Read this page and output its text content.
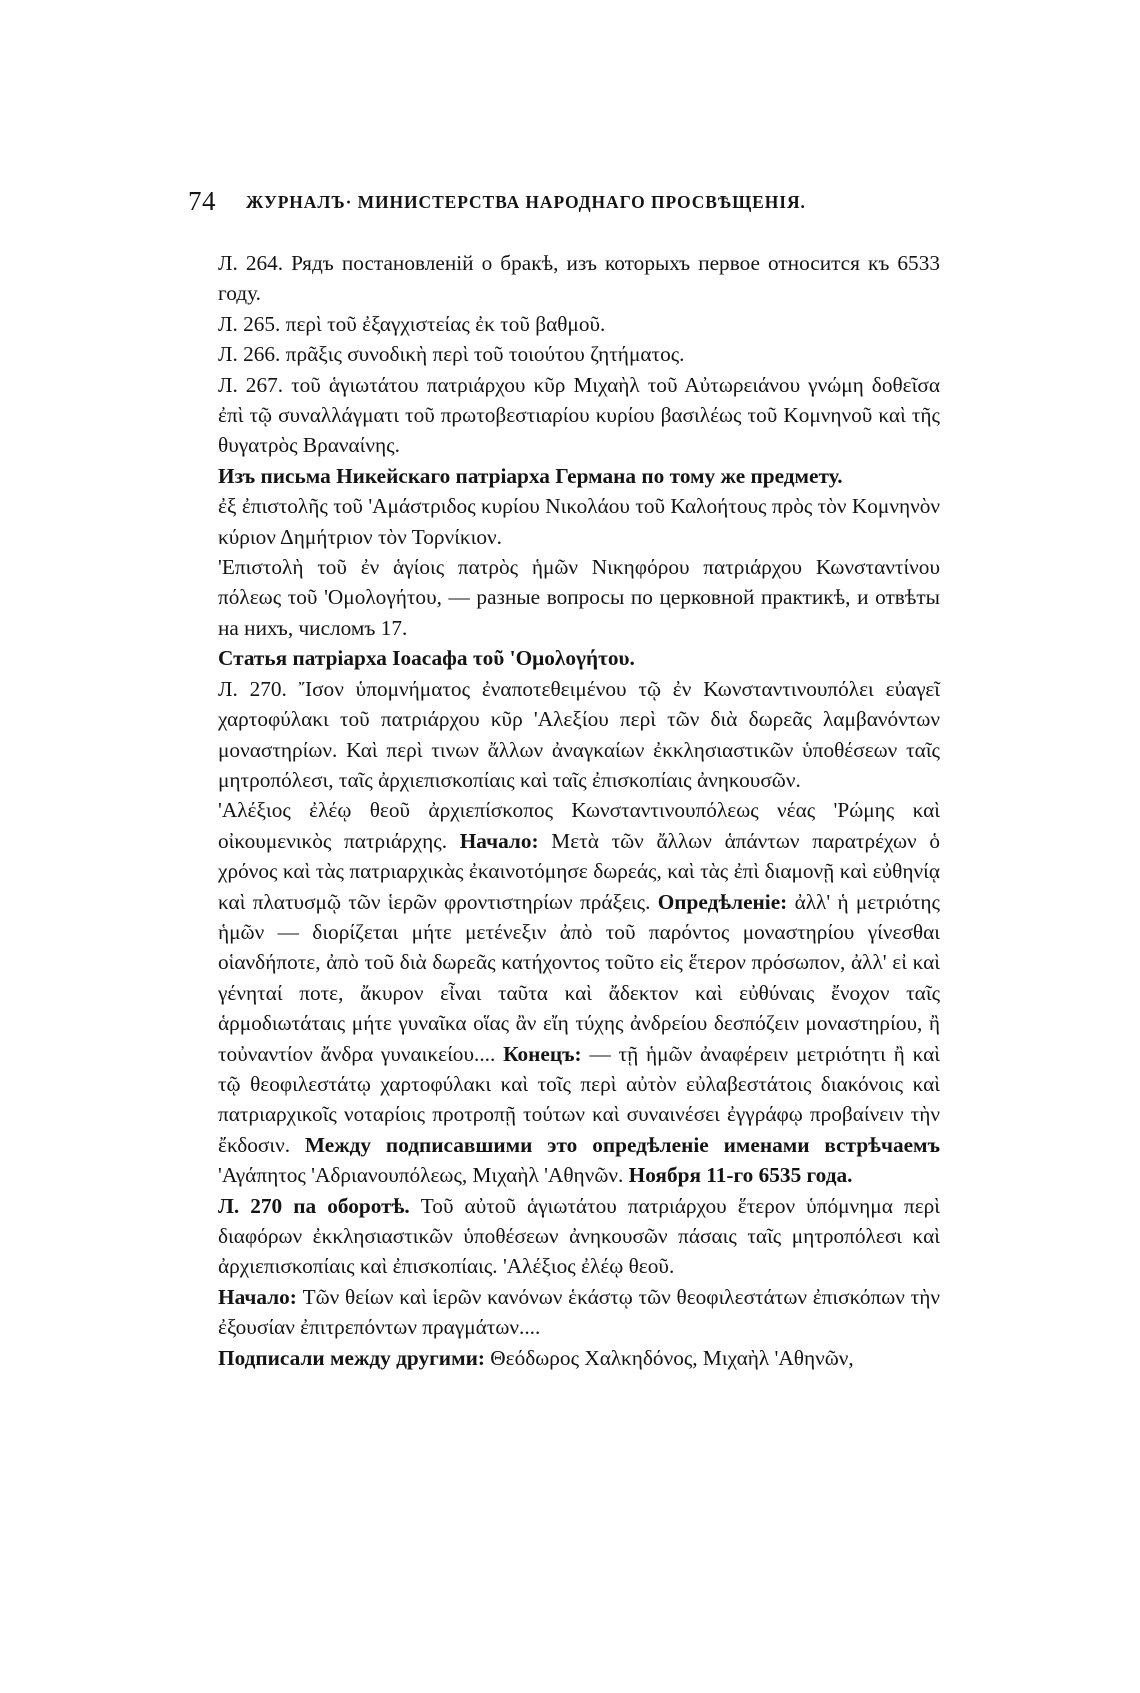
74 ЖУРНАЛЪ· МИНИСТЕРСТВА НАРОДНАГО ПРОСВѢЩЕНІЯ.

Л. 264. Рядъ постановленій о бракѣ, изъ которыхъ первое относится къ 6533 году.

Л. 265. περὶ τοῦ ἐξαγχιστείας ἐκ τοῦ βαθμοῦ.

Л. 266. πρᾶξις συνοδικὴ περὶ τοῦ τοιούτου ζητήματος.

Л. 267. τοῦ ἁγιωτάτου πατριάρχου κῦρ Μιχαὴλ τοῦ Αὐτωρειάνου γνώμη δοθεῖσα ἐπὶ τῷ συναλλάγματι τοῦ πρωτοβεστιαρίου κυρίου βασιλέως τοῦ Κομνηνοῦ καὶ τῆς θυγατρὸς Βραναίνης.

Изъ письма Никейскаго патріарха Германа по тому же предмету.

ἐξ ἐπιστολῆς τοῦ 'Αμάστριδος κυρίου Νικολάου τοῦ Καλοήτους πρὸς τὸν Κομνηνὸν κύριον Δημήτριον τὸν Τορνίκιον.

'Επιστολὴ τοῦ ἐν ἁγίοις πατρὸς ἡμῶν Νικηφόρου πατριάρχου Κωνσταντίνου πόλεως τοῦ 'Ομολογήτου, — разные вопросы по церковной практикѣ, и отвѣты на нихъ, числомъ 17.

Статья патріарха Іоасафа τοῦ 'Ομολογήτου.

Л. 270. Ἴσον ὑπομνήματος ἐναποτεθειμένου τῷ ἐν Κωνσταντινουπόλει εὐαγεῖ χαρτοφύλακι τοῦ πατριάρχου κῦρ 'Αλεξίου περὶ τῶν διὰ δωρεᾶς λαμβανόντων μοναστηρίων. Καὶ περὶ τινων ἄλλων ἀναγκαίων ἐκκλησιαστικῶν ὑποθέσεων ταῖς μητροπόλεσι, ταῖς ἀρχιεπισκοπίαις καὶ ταῖς ἐπισκοπίαις ἀνηκουσῶν.

'Αλέξιος ἐλέῳ θεοῦ ἀρχιεπίσκοπος Κωνσταντινουπόλεως νέας 'Ρώμης καὶ οἰκουμενικὸς πατριάρχης. Начало: Μετὰ τῶν ἄλλων ἁπάντων παρατρέχων ὁ χρόνος καὶ τὰς πατριαρχικὰς ἐκαινοτόμησε δωρεάς, καὶ τὰς ἐπὶ διαμονῇ καὶ εὐθηνίᾳ καὶ πλατυσμῷ τῶν ἱερῶν φροντιστηρίων πράξεις. Опредѣленіе: ἀλλ' ἡ μετριότης ἡμῶν — διορίζεται μήτε μετένεξιν ἀπὸ τοῦ παρόντος μοναστηρίου γίνεσθαι οἱανδήποτε, ἀπὸ τοῦ διὰ δωρεᾶς κατήχοντος τοῦτο εἰς ἕτερον πρόσωπον, ἀλλ' εἰ καὶ γένηταί ποτε, ἄκυρον εἶναι ταῦτα καὶ ἄδεκτον καὶ εὐθύναις ἔνοχον ταῖς ἁρμοδιωτάταις μήτε γυναῖκα οἵας ἂν εἴη τύχης ἀνδρείου δεσπόζειν μοναστηρίου, ἢ τοὐναντίον ἄνδρα γυναικείου.... Конецъ: — τῇ ἡμῶν ἀναφέρειν μετριότητι ἢ καὶ τῷ θεοφιλεστάτῳ χαρτοφύλακι καὶ τοῖς περὶ αὐτὸν εὐλαβεστάτοις διακόνοις καὶ πατριαρχικοῖς νοταρίοις προτροπῇ τούτων καὶ συναινέσει ἐγγράφῳ προβαίνειν τὴν ἔκδοσιν. Между подписавшими это опредѣленіе именами встрѣчаемъ 'Αγάπητος 'Αδριανουπόλεως, Μιχαὴλ 'Αθηνῶν. Ноября 11-го 6535 года.

Л. 270 па оборотѣ. Τοῦ αὐτοῦ ἁγιωτάτου πατριάρχου ἕτερον ὑπόμνημα περὶ διαφόρων ἐκκλησιαστικῶν ὑποθέσεων ἀνηκουσῶν πάσαις ταῖς μητροπόλεσι καὶ ἀρχιεπισκοπίαις καὶ ἐπισκοπίαις. 'Αλέξιος ἐλέῳ θεοῦ.

Начало: Τῶν θείων καὶ ἱερῶν κανόνων ἑκάστῳ τῶν θεοφιλεστάτων ἐπισκόπων τὴν ἐξουσίαν ἐπιτρεπόντων πραγμάτων....

Подписали между другими: Θεόδωρος Χαλκηδόνος, Μιχαὴλ 'Αθηνῶν,
